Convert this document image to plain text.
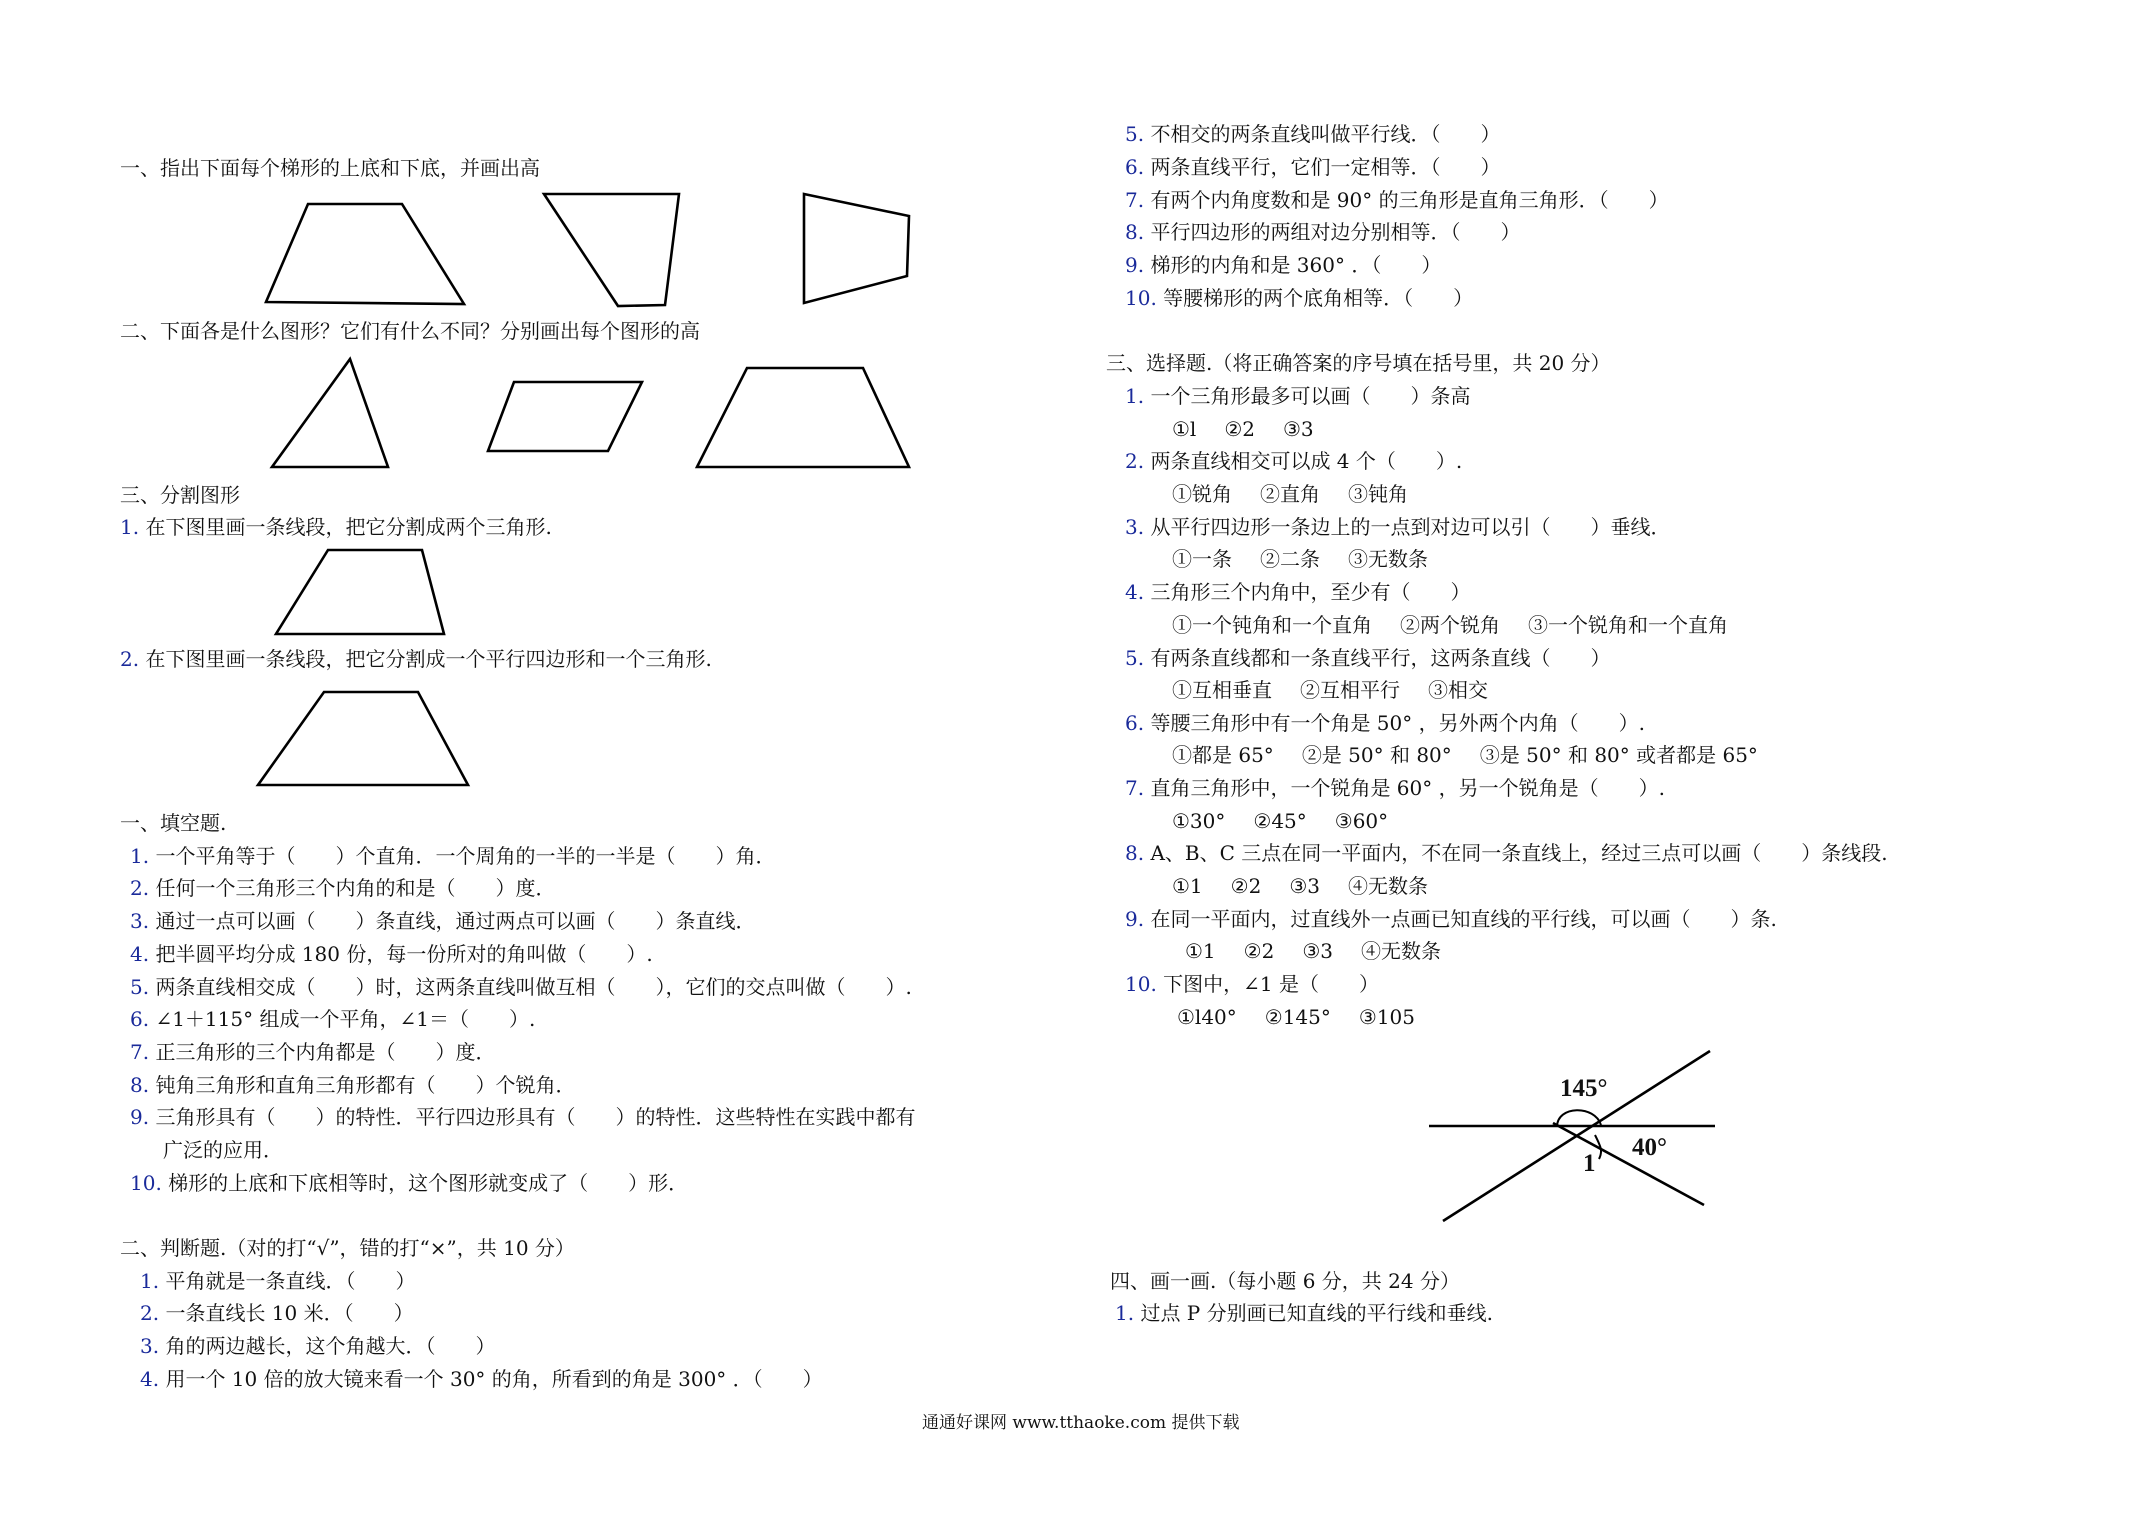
一、指出下面每个梯形的上底和下底，并画出高
二、下面各是什么图形？它们有什么不同？分别画出每个图形的高
三、分割图形
1. 在下图里画一条线段，把它分割成两个三角形.
2. 在下图里画一条线段，把它分割成一个平行四边形和一个三角形.
一、填空题.
1. 一个平角等于（　　）个直角．一个周角的一半的一半是（　　）角．
2. 任何一个三角形三个内角的和是（　　）度．
3. 通过一点可以画（　　）条直线，通过两点可以画（　　）条直线．
4. 把半圆平均分成 180 份，每一份所对的角叫做（　　）.
5. 两条直线相交成（　　）时，这两条直线叫做互相（　　），它们的交点叫做（　　）.
6. ∠1＋115° 组成一个平角，∠1＝（　　）.
7. 正三角形的三个内角都是（　　）度．
8. 钝角三角形和直角三角形都有（　　）个锐角．
9. 三角形具有（　　）的特性．平行四边形具有（　　）的特性．这些特性在实践中都有
广泛的应用．
10. 梯形的上底和下底相等时，这个图形就变成了（　　）形．
二、判断题.（对的打“√”，错的打“×”，共 10 分）
1. 平角就是一条直线．（　　）
2. 一条直线长 10 米．（　　）
3. 角的两边越长，这个角越大．（　　）
4. 用一个 10 倍的放大镜来看一个 30° 的角，所看到的角是 300° ．（　　）
5. 不相交的两条直线叫做平行线．（　　）
6. 两条直线平行，它们一定相等．（　　）
7. 有两个内角度数和是 90° 的三角形是直角三角形．（　　）
8. 平行四边形的两组对边分别相等．（　　）
9. 梯形的内角和是 360° ．（　　）
10. 等腰梯形的两个底角相等．（　　）
三、选择题.（将正确答案的序号填在括号里，共 20 分）
1. 一个三角形最多可以画（　　）条高
①l ②2 ③3
2. 两条直线相交可以成 4 个（　　）.
①锐角 ②直角 ③钝角
3. 从平行四边形一条边上的一点到对边可以引（　　）垂线．
①一条 ②二条 ③无数条
4. 三角形三个内角中，至少有（　　）
①一个钝角和一个直角 ②两个锐角 ③一个锐角和一个直角
5. 有两条直线都和一条直线平行，这两条直线（　　）
①互相垂直 ②互相平行 ③相交
6. 等腰三角形中有一个角是 50° ，另外两个内角（　　）.
①都是 65° ②是 50° 和 80° ③是 50° 和 80° 或者都是 65°
7. 直角三角形中，一个锐角是 60° ，另一个锐角是（　　）.
①30° ②45° ③60°
8. A、B、C 三点在同一平面内，不在同一条直线上，经过三点可以画（　　）条线段.
①1 ②2 ③3 ④无数条
9. 在同一平面内，过直线外一点画已知直线的平行线，可以画（　　）条.
①1 ②2 ③3 ④无数条
10. 下图中，∠1 是（　　）
①l40° ②145° ③105
145°
40°
1
四、画一画.（每小题 6 分，共 24 分）
1. 过点 P 分别画已知直线的平行线和垂线.
通通好课网 www.tthaoke.com 提供下载
